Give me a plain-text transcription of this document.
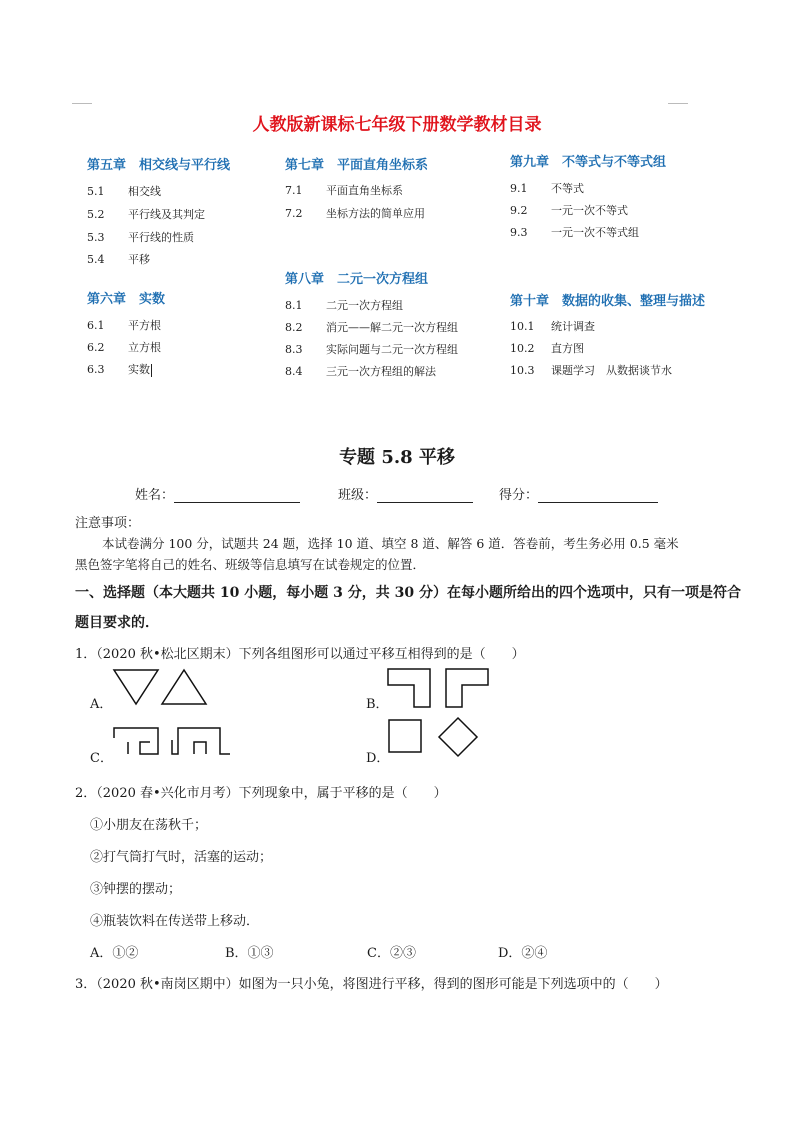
人教版新课标七年级下册数学教材目录
第五章　相交线与平行线
5.1　 相交线
5.2　 平行线及其判定
5.3　 平行线的性质
5.4　 平移
第六章　实数
6.1　 平方根
6.2　 立方根
6.3　 实数
第七章　平面直角坐标系
7.1　 平面直角坐标系
7.2　 坐标方法的简单应用
第八章　二元一次方程组
8.1　 二元一次方程组
8.2　 消元——解二元一次方程组
8.3　 实际问题与二元一次方程组
8.4　 三元一次方程组的解法
第九章　不等式与不等式组
9.1　 不等式
9.2　 一元一次不等式
9.3　 一元一次不等式组
第十章　数据的收集、整理与描述
10.1　 统计调查
10.2　 直方图
10.3　 课题学习　从数据谈节水
专题 5.8 平移
姓名：	班级：	得分：
注意事项：
本试卷满分 100 分，试题共 24 题，选择 10 道、填空 8 道、解答 6 道．答卷前，考生务必用 0.5 毫米
黑色签字笔将自己的姓名、班级等信息填写在试卷规定的位置．
一、选择题（本大题共 10 小题，每小题 3 分，共 30 分）在每小题所给出的四个选项中，只有一项是符合
题目要求的．
1．（2020 秋•松北区期末）下列各组图形可以通过平移互相得到的是（　　）
A．	B．
C．	D．
2．（2020 春•兴化市月考）下列现象中，属于平移的是（　　）
①小朋友在荡秋千；
②打气筒打气时，活塞的运动；
③钟摆的摆动；
④瓶装饮料在传送带上移动．
A．①②	B．①③	C．②③	D．②④
3．（2020 秋•南岗区期中）如图为一只小兔，将图进行平移，得到的图形可能是下列选项中的（　　）
